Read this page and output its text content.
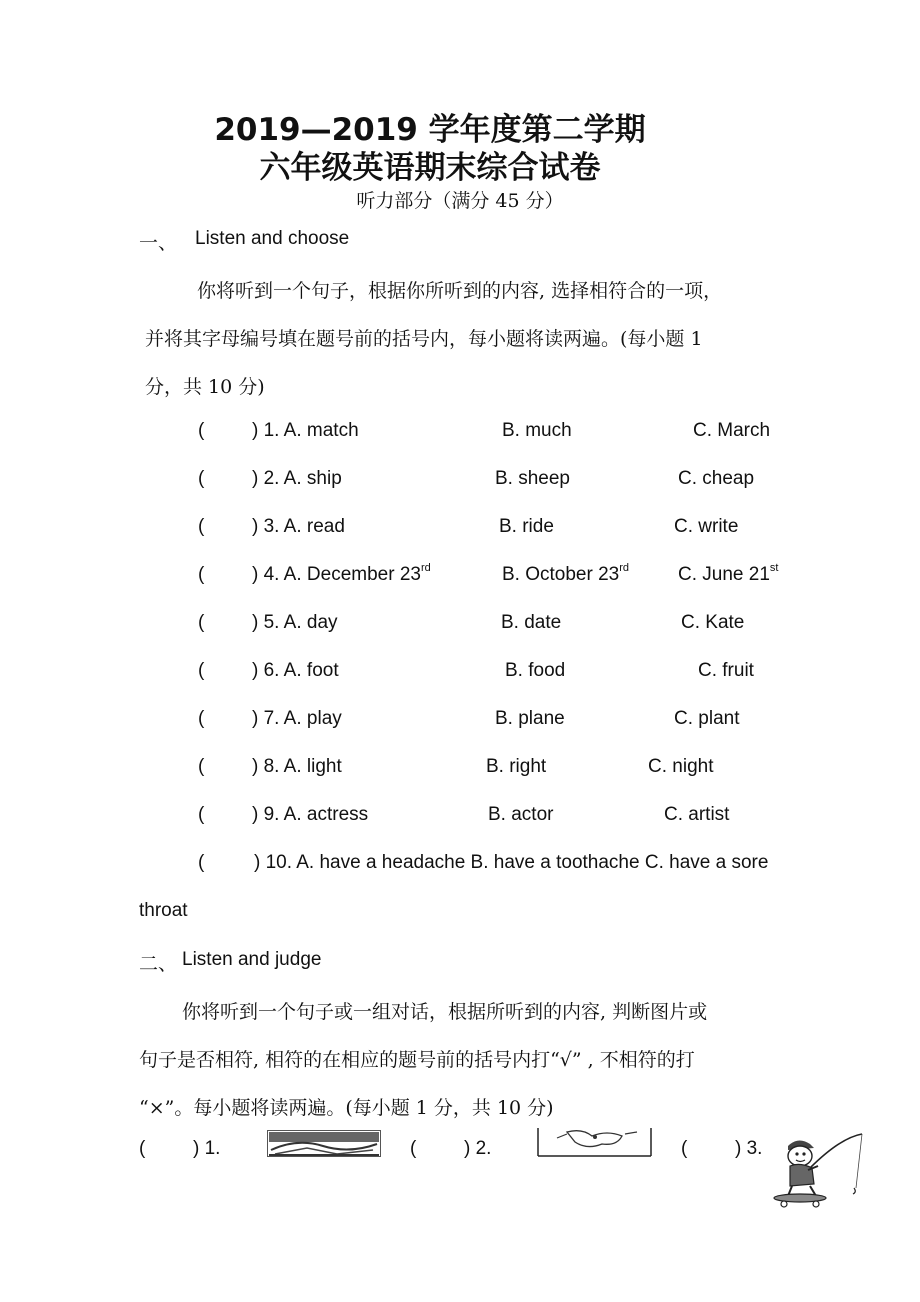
2019—2019 学年度第二学期
六年级英语期末综合试卷
听力部分（满分 45 分）
一、 Listen and choose
你将听到一个句子，根据你所听到的内容, 选择相符合的一项，
并将其字母编号填在题号前的括号内，每小题将读两遍。(每小题 1
分，共 10 分)
(	) 1. A. match	B. much	C. March
(	) 2. A. ship	B. sheep	C. cheap
(	) 3. A. read	B. ride	C. write
(	) 4. A. December 23rd	B. October 23rd	C. June 21st
(	) 5. A. day	B. date	C. Kate
(	) 6. A. foot	B. food	C. fruit
(	) 7. A. play	B. plane	C. plant
(	) 8. A. light	B. right	C. night
(	) 9. A. actress	B. actor	C. artist
(	) 10. A. have a headache B. have a toothache C. have a sore
throat
二、 Listen and judge
你将听到一个句子或一组对话，根据所听到的内容, 判断图片或
句子是否相符, 相符的在相应的题号前的括号内打“√” , 不相符的打
“×”。每小题将读两遍。(每小题 1 分，共 10 分)
(	) 1.	(	) 2.	(	) 3.
